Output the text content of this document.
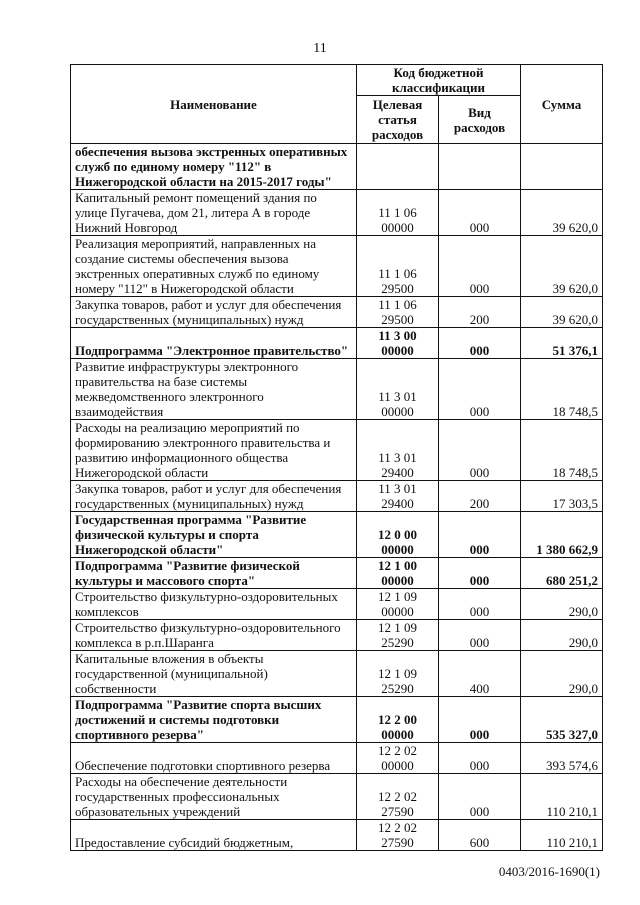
11
Наименование	Код бюджетной классификации		Сумма
	Целевая статья расходов	Вид расходов	
обеспечения вызова экстренных оперативных служб по единому номеру "112" в Нижегородской области на 2015-2017 годы"			
Капитальный ремонт помещений здания по улице Пугачева, дом 21, литера А в городе Нижний Новгород	11 1 06 00000	000	39 620,0
Реализация мероприятий, направленных на создание системы обеспечения вызова экстренных оперативных служб по единому номеру "112" в Нижегородской области	11 1 06 29500	000	39 620,0
Закупка товаров, работ и услуг для обеспечения государственных (муниципальных) нужд	11 1 06 29500	200	39 620,0
Подпрограмма "Электронное правительство"	11 3 00 00000	000	51 376,1
Развитие инфраструктуры электронного правительства на базе системы межведомственного электронного взаимодействия	11 3 01 00000	000	18 748,5
Расходы на реализацию мероприятий по формированию электронного правительства и развитию информационного общества Нижегородской области	11 3 01 29400	000	18 748,5
Закупка товаров, работ и услуг для обеспечения государственных (муниципальных) нужд	11 3 01 29400	200	17 303,5
Государственная программа "Развитие физической культуры и спорта Нижегородской области"	12 0 00 00000	000	1 380 662,9
Подпрограмма "Развитие физической культуры и массового спорта"	12 1 00 00000	000	680 251,2
Строительство физкультурно-оздоровительных комплексов	12 1 09 00000	000	290,0
Строительство физкультурно-оздоровительного комплекса в р.п.Шаранга	12 1 09 25290	000	290,0
Капитальные вложения в объекты государственной (муниципальной) собственности	12 1 09 25290	400	290,0
Подпрограмма "Развитие спорта высших достижений и системы подготовки спортивного резерва"	12 2 00 00000	000	535 327,0
Обеспечение подготовки спортивного резерва	12 2 02 00000	000	393 574,6
Расходы на обеспечение деятельности государственных профессиональных образовательных учреждений	12 2 02 27590	000	110 210,1
Предоставление субсидий бюджетным,	12 2 02 27590	600	110 210,1
0403/2016-1690(1)
